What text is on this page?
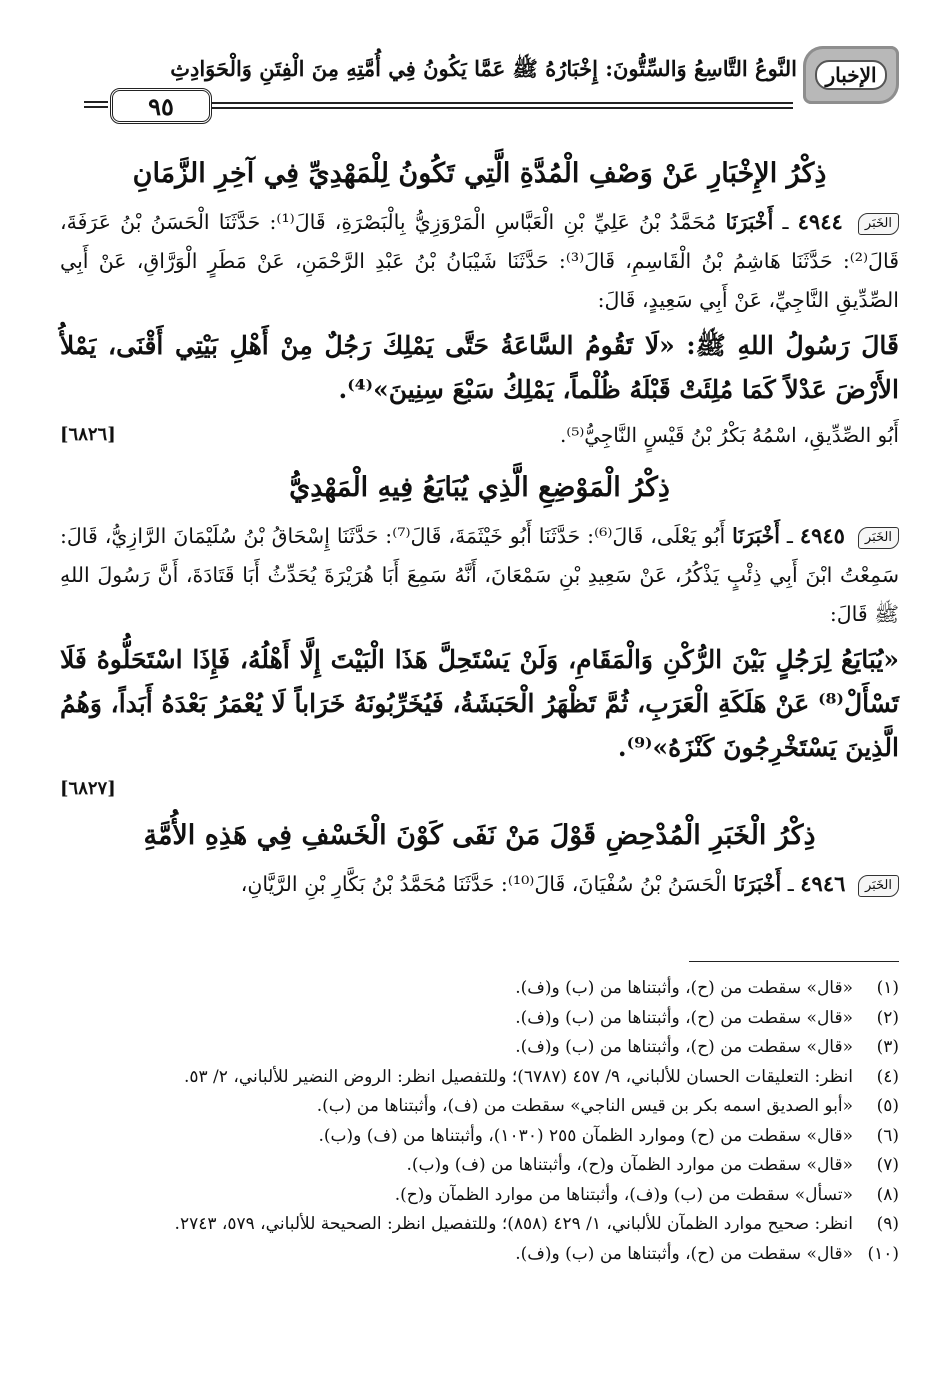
الإخبار
النَّوعُ التَّاسِعُ وَالسِّتُّونَ: إِخْبَارُهُ ﷺ عَمَّا يَكُونُ فِي أُمَّتِهِ مِنَ الْفِتَنِ وَالْحَوَادِثِ
٩٥
ذِكْرُ الإِخْبَارِ عَنْ وَصْفِ الْمُدَّةِ الَّتِي تَكُونُ لِلْمَهْدِيِّ فِي آخِرِ الزَّمَانِ

الخَبَر ٤٩٤٤ ـ أَخْبَرَنَا مُحَمَّدُ بْنُ عَلِيِّ بْنِ الْعَبَّاسِ الْمَرْوَزِيُّ بِالْبَصْرَةِ، قَالَ⁽¹⁾: حَدَّثَنَا الْحَسَنُ بْنُ عَرَفَةَ، قَالَ⁽²⁾: حَدَّثَنَا هَاشِمُ بْنُ الْقَاسِمِ، قَالَ⁽³⁾: حَدَّثَنَا شَيْبَانُ بْنُ عَبْدِ الرَّحْمَنِ، عَنْ مَطَرٍ الْوَرَّاقِ، عَنْ أَبِي الصِّدِّيقِ النَّاجِيِّ، عَنْ أَبِي سَعِيدٍ، قَالَ:

قَالَ رَسُولُ اللهِ ﷺ: «لَا تَقُومُ السَّاعَةُ حَتَّى يَمْلِكَ رَجُلٌ مِنْ أَهْلِ بَيْتِي أَقْنَى، يَمْلأُ الأَرْضَ عَدْلاً كَمَا مُلِئَتْ قَبْلَهُ ظُلْماً، يَمْلِكُ سَبْعَ سِنِينَ»⁽⁴⁾.

أَبُو الصِّدِّيقِ، اسْمُهُ بَكْرُ بْنُ قَيْسٍ النَّاجِيُّ⁽⁵⁾.
[٦٨٢٦]

ذِكْرُ الْمَوْضِعِ الَّذِي يُبَايَعُ فِيهِ الْمَهْدِيُّ

الخَبَر ٤٩٤٥ ـ أَخْبَرَنَا أَبُو يَعْلَى، قَالَ⁽⁶⁾: حَدَّثَنَا أَبُو خَيْثَمَةَ، قَالَ⁽⁷⁾: حَدَّثَنَا إِسْحَاقُ بْنُ سُلَيْمَانَ الرَّازِيُّ، قَالَ: سَمِعْتُ ابْنَ أَبِي ذِئْبٍ يَذْكُرُ، عَنْ سَعِيدِ بْنِ سَمْعَانَ، أَنَّهُ سَمِعَ أَبَا هُرَيْرَةَ يُحَدِّثُ أَبَا قَتَادَةَ، أَنَّ رَسُولَ اللهِ ﷺ قَالَ:

«يُبَايَعُ لِرَجُلٍ بَيْنَ الرُّكْنِ وَالْمَقَامِ، وَلَنْ يَسْتَحِلَّ هَذَا الْبَيْتَ إِلَّا أَهْلُهُ، فَإِذَا اسْتَحَلُّوهُ فَلَا تَسْأَلْ⁽⁸⁾ عَنْ هَلَكَةِ الْعَرَبِ، ثُمَّ تَظْهَرُ الْحَبَشَةُ، فَيُخَرِّبُونَهُ خَرَاباً لَا يُعْمَرُ بَعْدَهُ أَبَداً، وَهُمُ الَّذِينَ يَسْتَخْرِجُونَ كَنْزَهُ»⁽⁹⁾.

[٦٨٢٧]

ذِكْرُ الْخَبَرِ الْمُدْحِضِ قَوْلَ مَنْ نَفَى كَوْنَ الْخَسْفِ فِي هَذِهِ الأُمَّةِ

الخَبَر ٤٩٤٦ ـ أَخْبَرَنَا الْحَسَنُ بْنُ سُفْيَانَ، قَالَ⁽¹⁰⁾: حَدَّثَنَا مُحَمَّدُ بْنُ بَكَّارِ بْنِ الرَّيَّانِ،

(١)
«قال» سقطت من (ح)، وأثبتناها من (ب) و(ف).

(٢)
«قال» سقطت من (ح)، وأثبتناها من (ب) و(ف).

(٣)
«قال» سقطت من (ح)، وأثبتناها من (ب) و(ف).

(٤)
انظر: التعليقات الحسان للألباني، ٩/ ٤٥٧ (٦٧٨٧)؛ وللتفصيل انظر: الروض النضير للألباني، ٢/ ٥٣.

(٥)
«أبو الصديق اسمه بكر بن قيس الناجي» سقطت من (ف)، وأثبتناها من (ب).

(٦)
«قال» سقطت من (ح) وموارد الظمآن ٢٥٥ (١٠٣٠)، وأثبتناها من (ف) و(ب).

(٧)
«قال» سقطت من موارد الظمآن و(ح)، وأثبتناها من (ف) و(ب).

(٨)
«تسأل» سقطت من (ب) و(ف)، وأثبتناها من موارد الظمآن و(ح).

(٩)
انظر: صحيح موارد الظمآن للألباني، ١/ ٤٢٩ (٨٥٨)؛ وللتفصيل انظر: الصحيحة للألباني، ٥٧٩، ٢٧٤٣.

(١٠)
«قال» سقطت من (ح)، وأثبتناها من (ب) و(ف).
